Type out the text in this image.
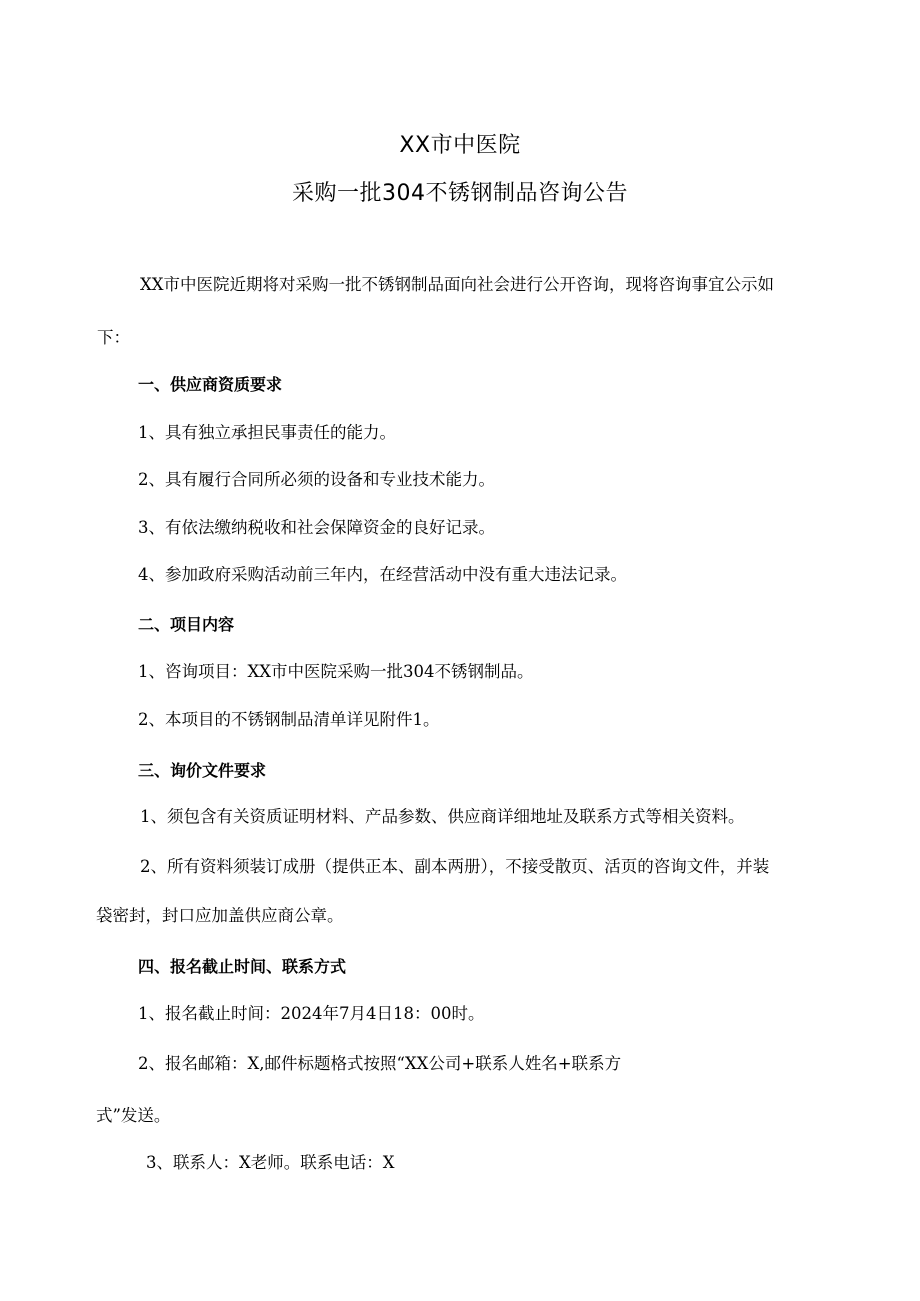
XX市中医院
采购一批304不锈钢制品咨询公告
XX市中医院近期将对采购一批不锈钢制品面向社会进行公开咨询，现将咨询事宜公示如
下：
一、供应商资质要求
1、具有独立承担民事责任的能力。
2、具有履行合同所必须的设备和专业技术能力。
3、有依法缴纳税收和社会保障资金的良好记录。
4、参加政府采购活动前三年内，在经营活动中没有重大违法记录。
二、项目内容
1、咨询项目：XX市中医院采购一批304不锈钢制品。
2、本项目的不锈钢制品清单详见附件1。
三、询价文件要求
1、须包含有关资质证明材料、产品参数、供应商详细地址及联系方式等相关资料。
2、所有资料须装订成册（提供正本、副本两册），不接受散页、活页的咨询文件，并装
袋密封，封口应加盖供应商公章。
四、报名截止时间、联系方式
1、报名截止时间：2024年7月4日18：00时。
2、报名邮箱：X,邮件标题格式按照“XX公司+联系人姓名+联系方
式”发送。
3、联系人：X老师。联系电话：X
